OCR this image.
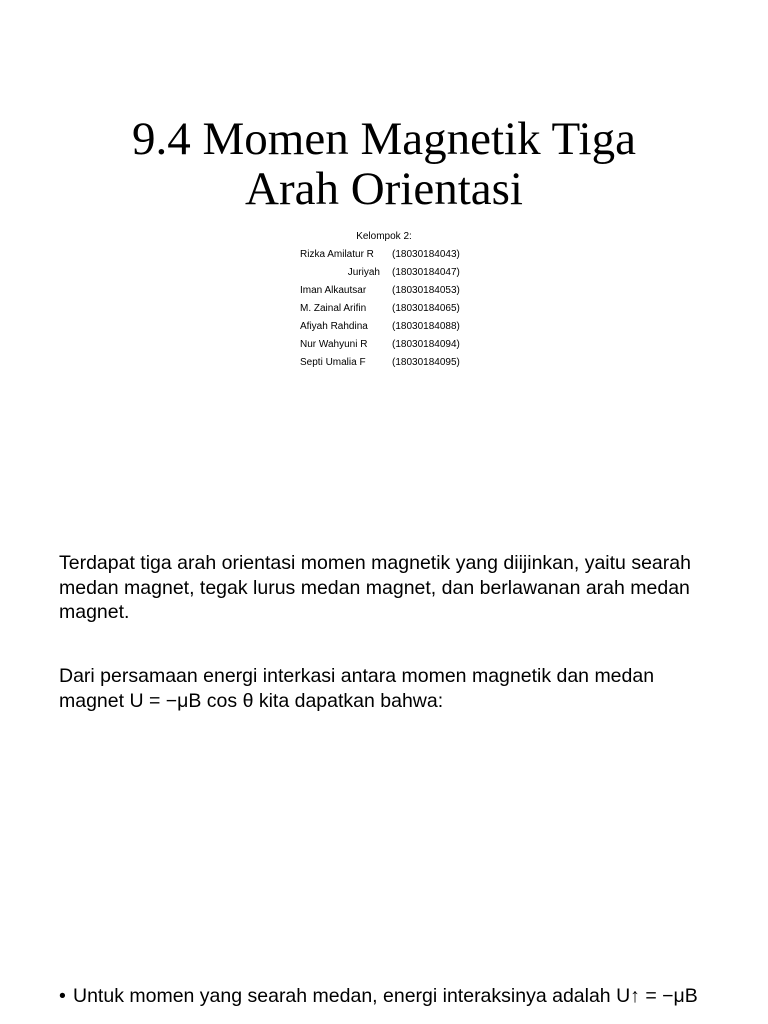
9.4 Momen Magnetik Tiga
Arah Orientasi
Kelompok 2:
Rizka Amilatur R	(18030184043)
Juriyah	(18030184047)
Iman Alkautsar	(18030184053)
M. Zainal Arifin	(18030184065)
Afiyah Rahdina	(18030184088)
Nur Wahyuni R	(18030184094)
Septi Umalia F	(18030184095)

Terdapat tiga arah orientasi momen magnetik yang diijinkan, yaitu searah medan magnet, tegak lurus medan magnet, dan berlawanan arah medan magnet.

Dari persamaan energi interkasi antara momen magnetik dan medan magnet U = −μB cos θ kita dapatkan bahwa:

• Untuk momen yang searah medan, energi interaksinya adalah U↑ = −μB
